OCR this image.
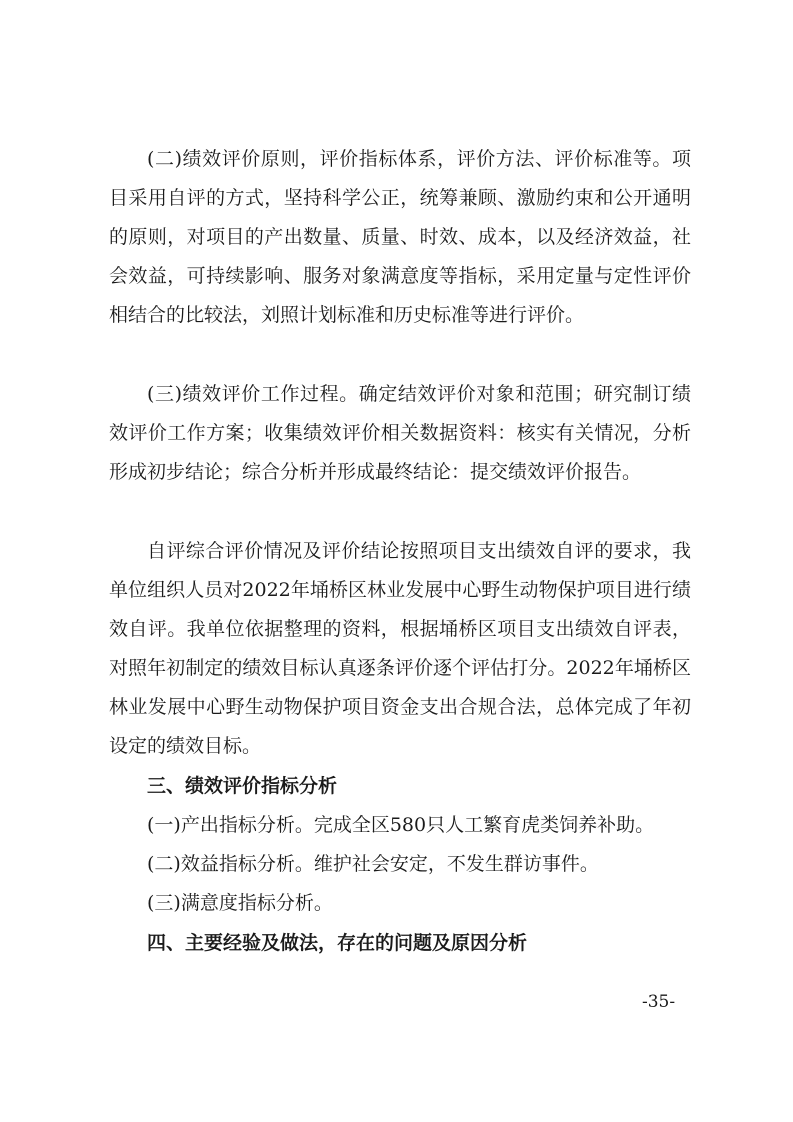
(二)绩效评价原则，评价指标体系，评价方法、评价标准等。项目采用自评的方式，坚持科学公正，统筹兼顾、激励约束和公开通明的原则，对项目的产出数量、质量、时效、成本，以及经济效益，社会效益，可持续影响、服务对象满意度等指标，采用定量与定性评价相结合的比较法，刘照计划标准和历史标准等进行评价。

(三)绩效评价工作过程。确定结效评价对象和范围；研究制订绩效评价工作方案；收集绩效评价相关数据资料：核实有关情况，分析形成初步结论；综合分析并形成最终结论：提交绩效评价报告。

自评综合评价情况及评价结论按照项目支出绩效自评的要求，我单位组织人员对2022年埇桥区林业发展中心野生动物保护项目进行绩效自评。我单位依据整理的资料，根据埇桥区项目支出绩效自评表，对照年初制定的绩效目标认真逐条评价逐个评估打分。2022年埇桥区林业发展中心野生动物保护项目资金支出合规合法，总体完成了年初设定的绩效目标。

三、绩效评价指标分析

(一)产出指标分析。完成全区580只人工繁育虎类饲养补助。

(二)效益指标分析。维护社会安定，不发生群访事件。

(三)满意度指标分析。

四、主要经验及做法，存在的问题及原因分析

-35-
